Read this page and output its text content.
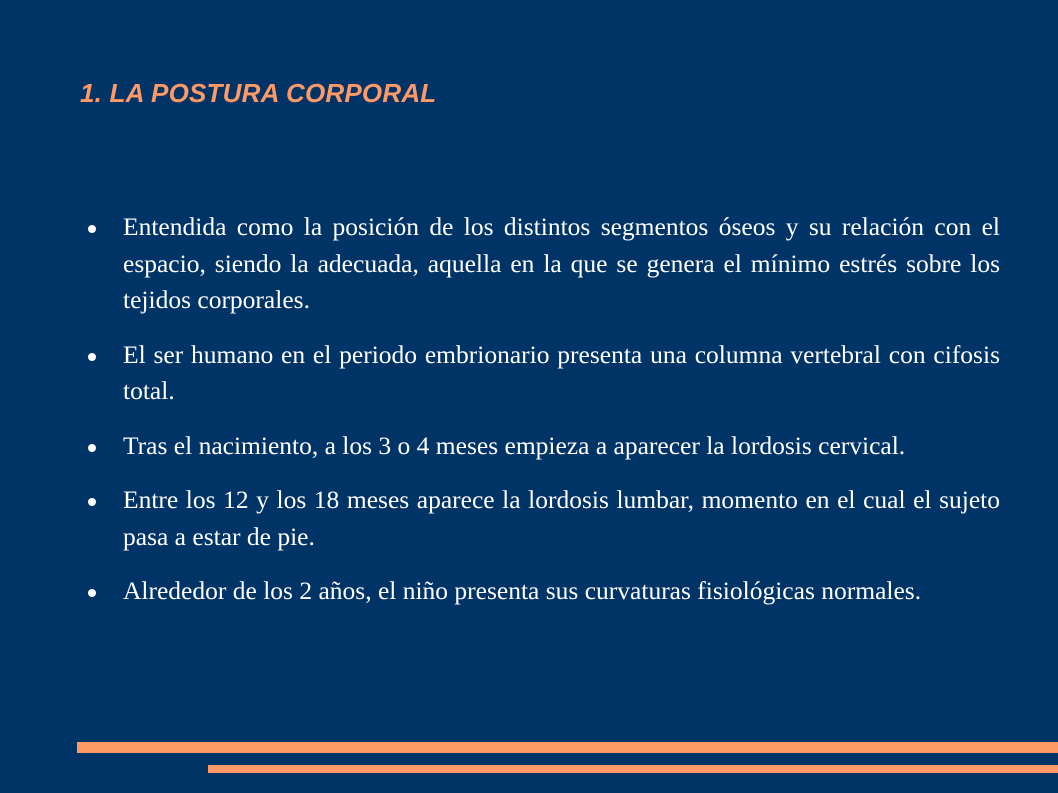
1. LA POSTURA CORPORAL
Entendida como la posición de los distintos segmentos óseos y su relación con el espacio, siendo la adecuada, aquella en la que se genera el mínimo estrés sobre los tejidos corporales.
El ser humano en el periodo embrionario presenta una columna vertebral con cifosis total.
Tras el nacimiento, a los 3 o 4 meses empieza a aparecer la lordosis cervical.
Entre los 12 y los 18 meses aparece la lordosis lumbar, momento en el cual el sujeto pasa a estar de pie.
Alrededor de los 2 años, el niño presenta sus curvaturas fisiológicas normales.
